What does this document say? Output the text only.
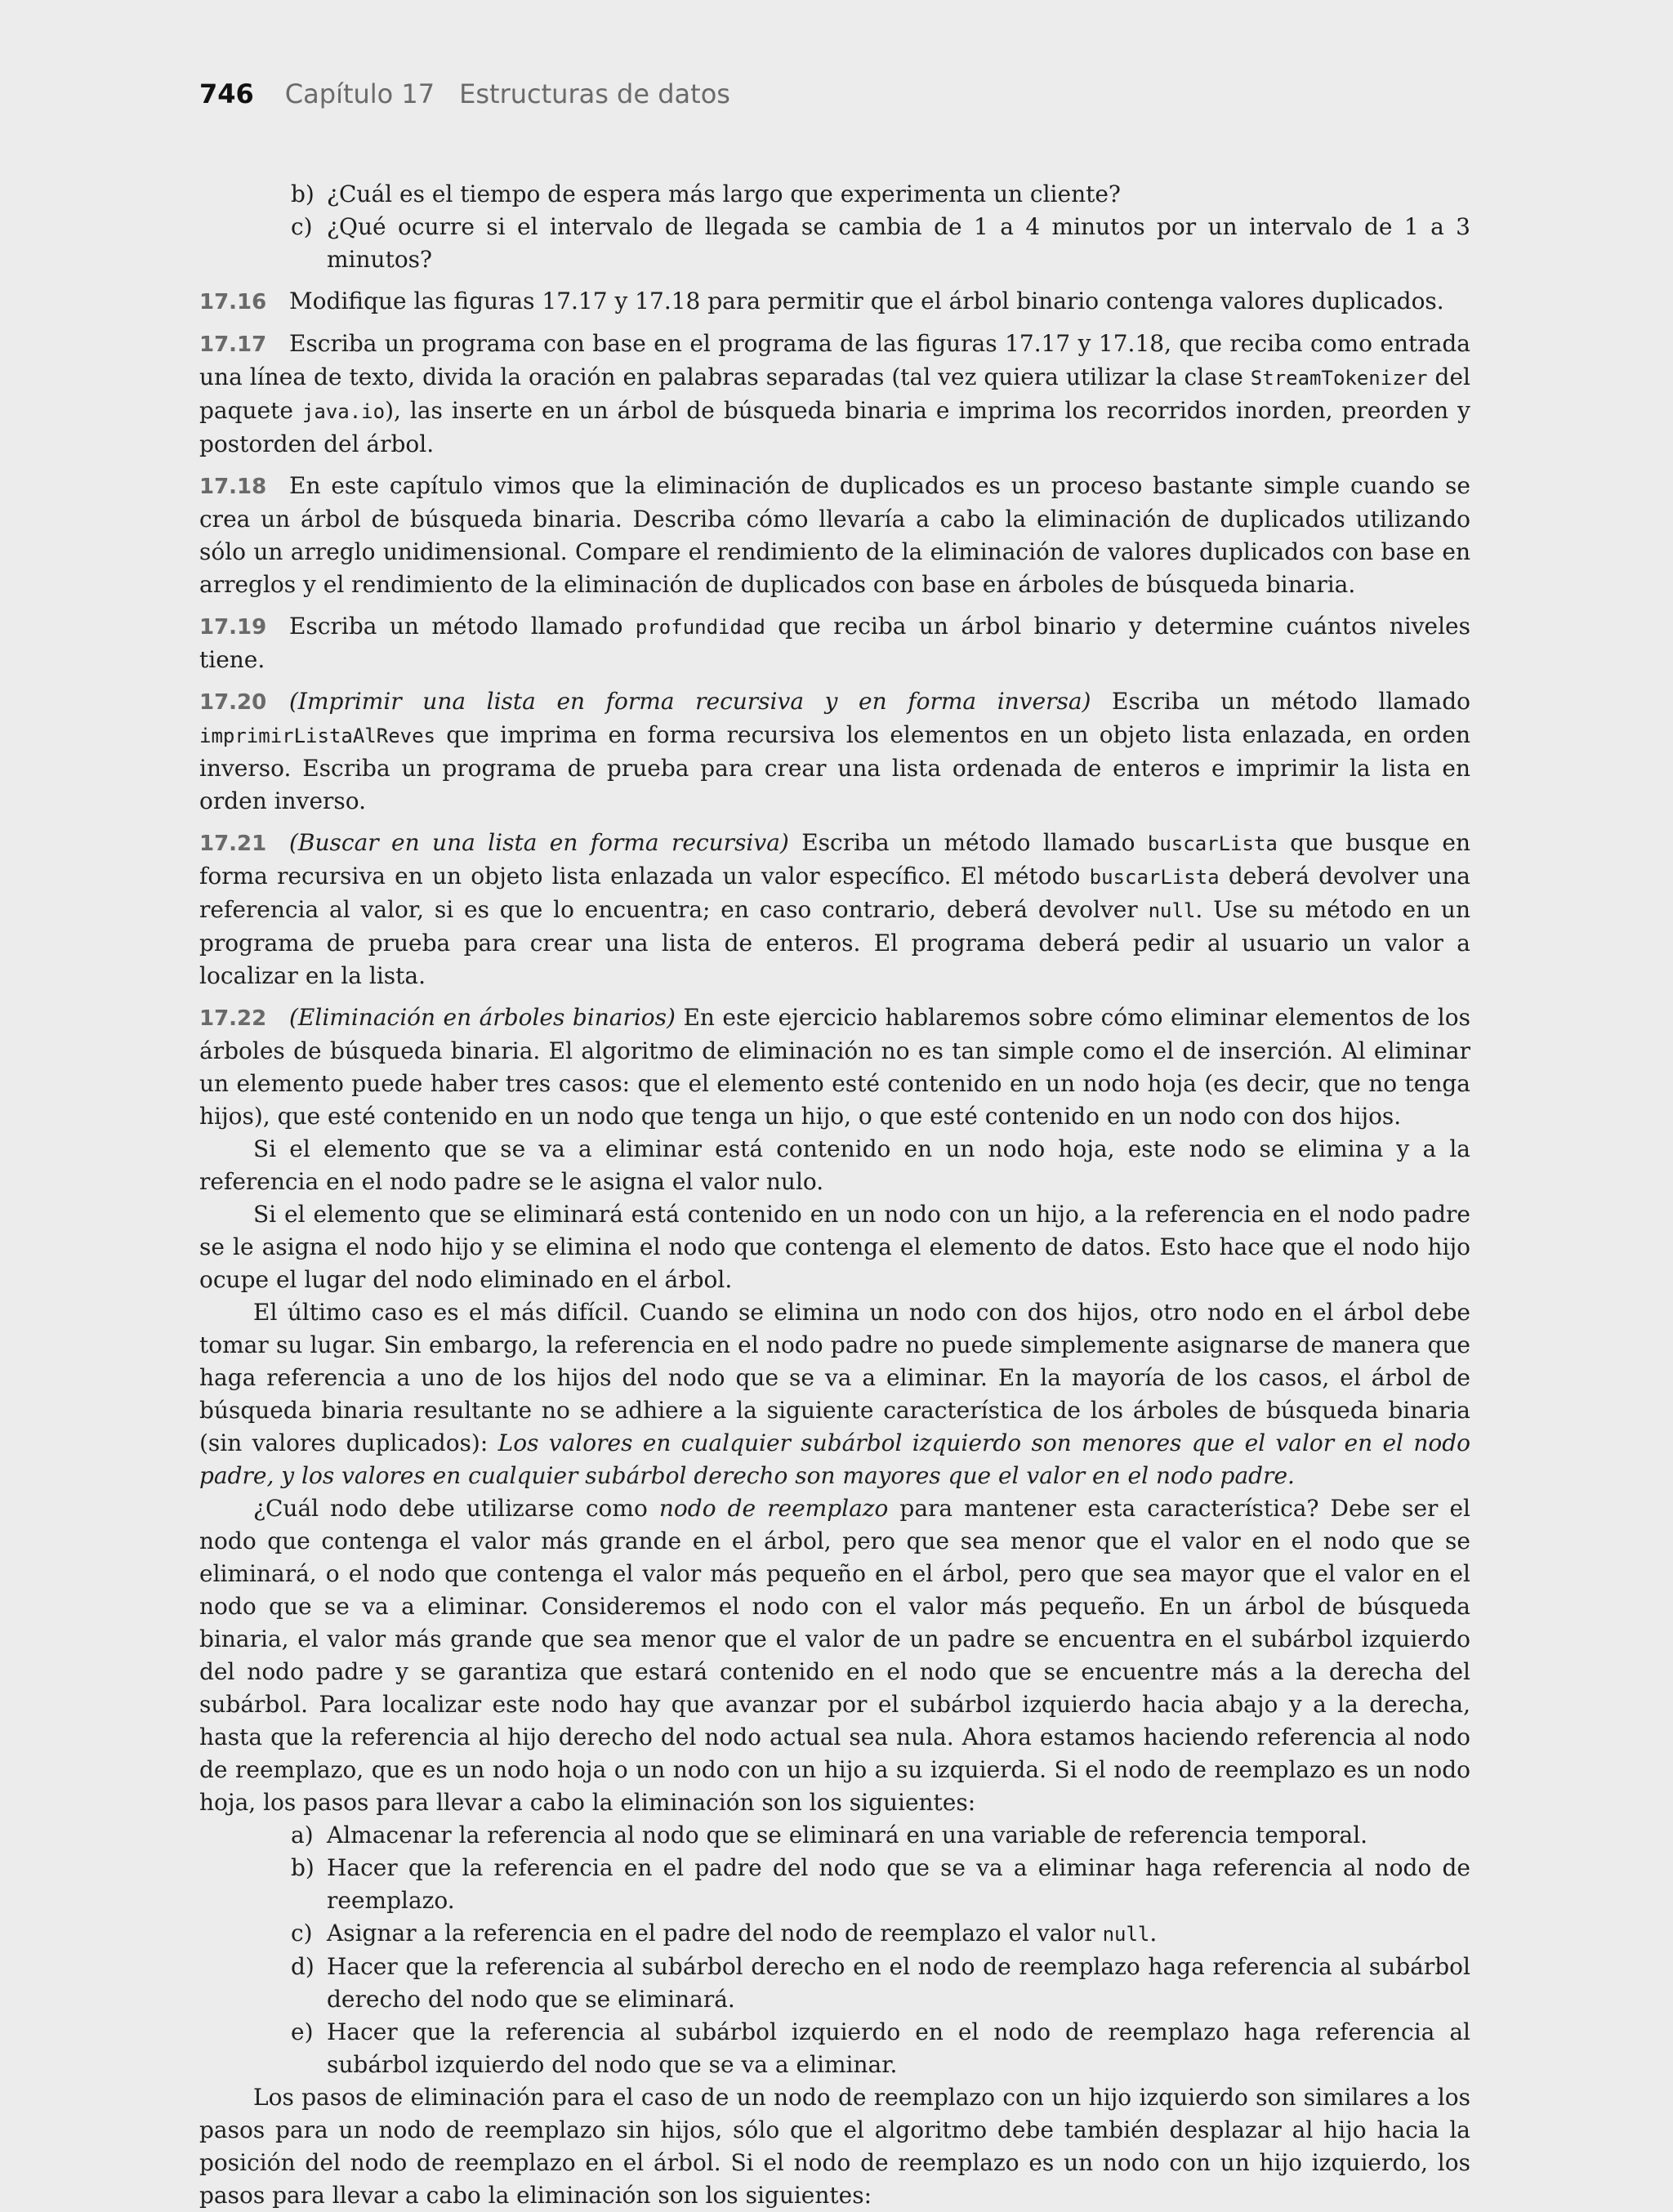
746 Capítulo 17 Estructuras de datos

b) ¿Cuál es el tiempo de espera más largo que experimenta un cliente?

c) ¿Qué ocurre si el intervalo de llegada se cambia de 1 a 4 minutos por un intervalo de 1 a 3 minutos?

17.16 Modifique las figuras 17.17 y 17.18 para permitir que el árbol binario contenga valores duplicados.

17.17 Escriba un programa con base en el programa de las figuras 17.17 y 17.18, que reciba como entrada una línea de texto, divida la oración en palabras separadas (tal vez quiera utilizar la clase StreamTokenizer del paquete java.io), las inserte en un árbol de búsqueda binaria e imprima los recorridos inorden, preorden y postorden del árbol.

17.18 En este capítulo vimos que la eliminación de duplicados es un proceso bastante simple cuando se crea un árbol de búsqueda binaria. Describa cómo llevaría a cabo la eliminación de duplicados utilizando sólo un arreglo unidimensional. Compare el rendimiento de la eliminación de valores duplicados con base en arreglos y el rendimiento de la eliminación de duplicados con base en árboles de búsqueda binaria.

17.19 Escriba un método llamado profundidad que reciba un árbol binario y determine cuántos niveles tiene.

17.20 (Imprimir una lista en forma recursiva y en forma inversa) Escriba un método llamado imprimirListaAlReves que imprima en forma recursiva los elementos en un objeto lista enlazada, en orden inverso. Escriba un programa de prueba para crear una lista ordenada de enteros e imprimir la lista en orden inverso.

17.21 (Buscar en una lista en forma recursiva) Escriba un método llamado buscarLista que busque en forma recursiva en un objeto lista enlazada un valor específico. El método buscarLista deberá devolver una referencia al valor, si es que lo encuentra; en caso contrario, deberá devolver null. Use su método en un programa de prueba para crear una lista de enteros. El programa deberá pedir al usuario un valor a localizar en la lista.

17.22 (Eliminación en árboles binarios) En este ejercicio hablaremos sobre cómo eliminar elementos de los árboles de búsqueda binaria. El algoritmo de eliminación no es tan simple como el de inserción. Al eliminar un elemento puede haber tres casos: que el elemento esté contenido en un nodo hoja (es decir, que no tenga hijos), que esté contenido en un nodo que tenga un hijo, o que esté contenido en un nodo con dos hijos.

Si el elemento que se va a eliminar está contenido en un nodo hoja, este nodo se elimina y a la referencia en el nodo padre se le asigna el valor nulo.

Si el elemento que se eliminará está contenido en un nodo con un hijo, a la referencia en el nodo padre se le asigna el nodo hijo y se elimina el nodo que contenga el elemento de datos. Esto hace que el nodo hijo ocupe el lugar del nodo eliminado en el árbol.

El último caso es el más difícil. Cuando se elimina un nodo con dos hijos, otro nodo en el árbol debe tomar su lugar. Sin embargo, la referencia en el nodo padre no puede simplemente asignarse de manera que haga referencia a uno de los hijos del nodo que se va a eliminar. En la mayoría de los casos, el árbol de búsqueda binaria resultante no se adhiere a la siguiente característica de los árboles de búsqueda binaria (sin valores duplicados): Los valores en cualquier subárbol izquierdo son menores que el valor en el nodo padre, y los valores en cualquier subárbol derecho son mayores que el valor en el nodo padre.

¿Cuál nodo debe utilizarse como nodo de reemplazo para mantener esta característica? Debe ser el nodo que contenga el valor más grande en el árbol, pero que sea menor que el valor en el nodo que se eliminará, o el nodo que contenga el valor más pequeño en el árbol, pero que sea mayor que el valor en el nodo que se va a eliminar. Consideremos el nodo con el valor más pequeño. En un árbol de búsqueda binaria, el valor más grande que sea menor que el valor de un padre se encuentra en el subárbol izquierdo del nodo padre y se garantiza que estará contenido en el nodo que se encuentre más a la derecha del subárbol. Para localizar este nodo hay que avanzar por el subárbol izquierdo hacia abajo y a la derecha, hasta que la referencia al hijo derecho del nodo actual sea nula. Ahora estamos haciendo referencia al nodo de reemplazo, que es un nodo hoja o un nodo con un hijo a su izquierda. Si el nodo de reemplazo es un nodo hoja, los pasos para llevar a cabo la eliminación son los siguientes:

a) Almacenar la referencia al nodo que se eliminará en una variable de referencia temporal.

b) Hacer que la referencia en el padre del nodo que se va a eliminar haga referencia al nodo de reemplazo.

c) Asignar a la referencia en el padre del nodo de reemplazo el valor null.

d) Hacer que la referencia al subárbol derecho en el nodo de reemplazo haga referencia al subárbol derecho del nodo que se eliminará.

e) Hacer que la referencia al subárbol izquierdo en el nodo de reemplazo haga referencia al subárbol izquierdo del nodo que se va a eliminar.

Los pasos de eliminación para el caso de un nodo de reemplazo con un hijo izquierdo son similares a los pasos para un nodo de reemplazo sin hijos, sólo que el algoritmo debe también desplazar al hijo hacia la posición del nodo de reemplazo en el árbol. Si el nodo de reemplazo es un nodo con un hijo izquierdo, los pasos para llevar a cabo la eliminación son los siguientes:
